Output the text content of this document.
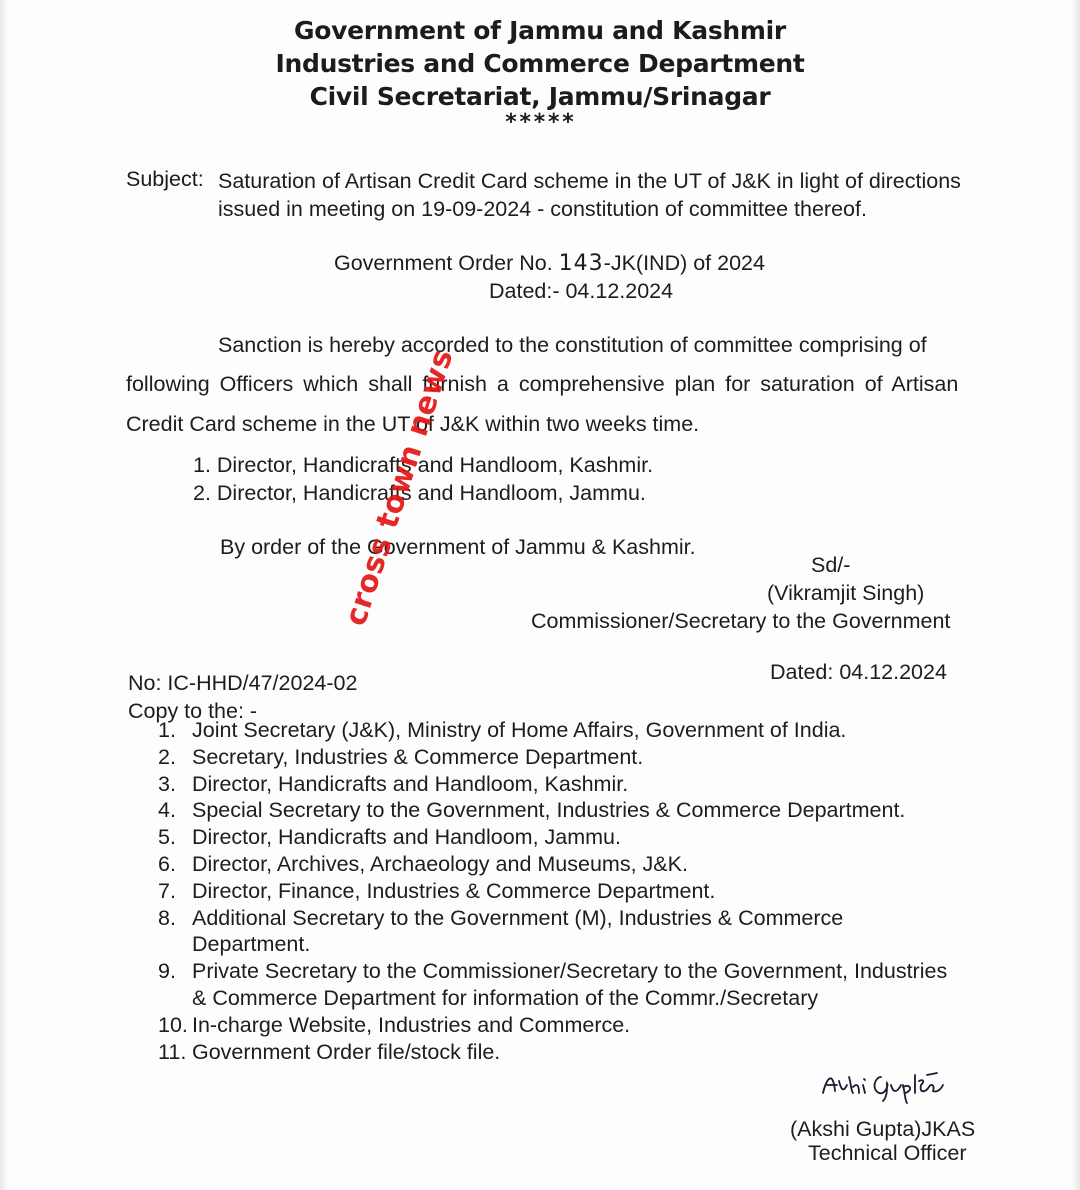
Government of Jammu and Kashmir
Industries and Commerce Department
Civil Secretariat, Jammu/Srinagar
*****
Subject: Saturation of Artisan Credit Card scheme in the UT of J&K in light of directions
issued in meeting on 19-09-2024 - constitution of committee thereof.
Government Order No. 143-JK(IND) of 2024
Dated:- 04.12.2024
Sanction is hereby accorded to the constitution of committee comprising of
following Officers which shall furnish a comprehensive plan for saturation of Artisan
Credit Card scheme in the UT of J&K within two weeks time.
1. Director, Handicrafts and Handloom, Kashmir.
2. Director, Handicrafts and Handloom, Jammu.
By order of the Government of Jammu & Kashmir.
Sd/-
(Vikramjit Singh)
Commissioner/Secretary to the Government
No: IC-HHD/47/2024-02	Dated: 04.12.2024
Copy to the: -
1. Joint Secretary (J&K), Ministry of Home Affairs, Government of India.
2. Secretary, Industries & Commerce Department.
3. Director, Handicrafts and Handloom, Kashmir.
4. Special Secretary to the Government, Industries & Commerce Department.
5. Director, Handicrafts and Handloom, Jammu.
6. Director, Archives, Archaeology and Museums, J&K.
7. Director, Finance, Industries & Commerce Department.
8. Additional Secretary to the Government (M), Industries & Commerce
Department.
9. Private Secretary to the Commissioner/Secretary to the Government, Industries
& Commerce Department for information of the Commr./Secretary
10. In-charge Website, Industries and Commerce.
11. Government Order file/stock file.
(Akshi Gupta)JKAS
Technical Officer
cross town news
